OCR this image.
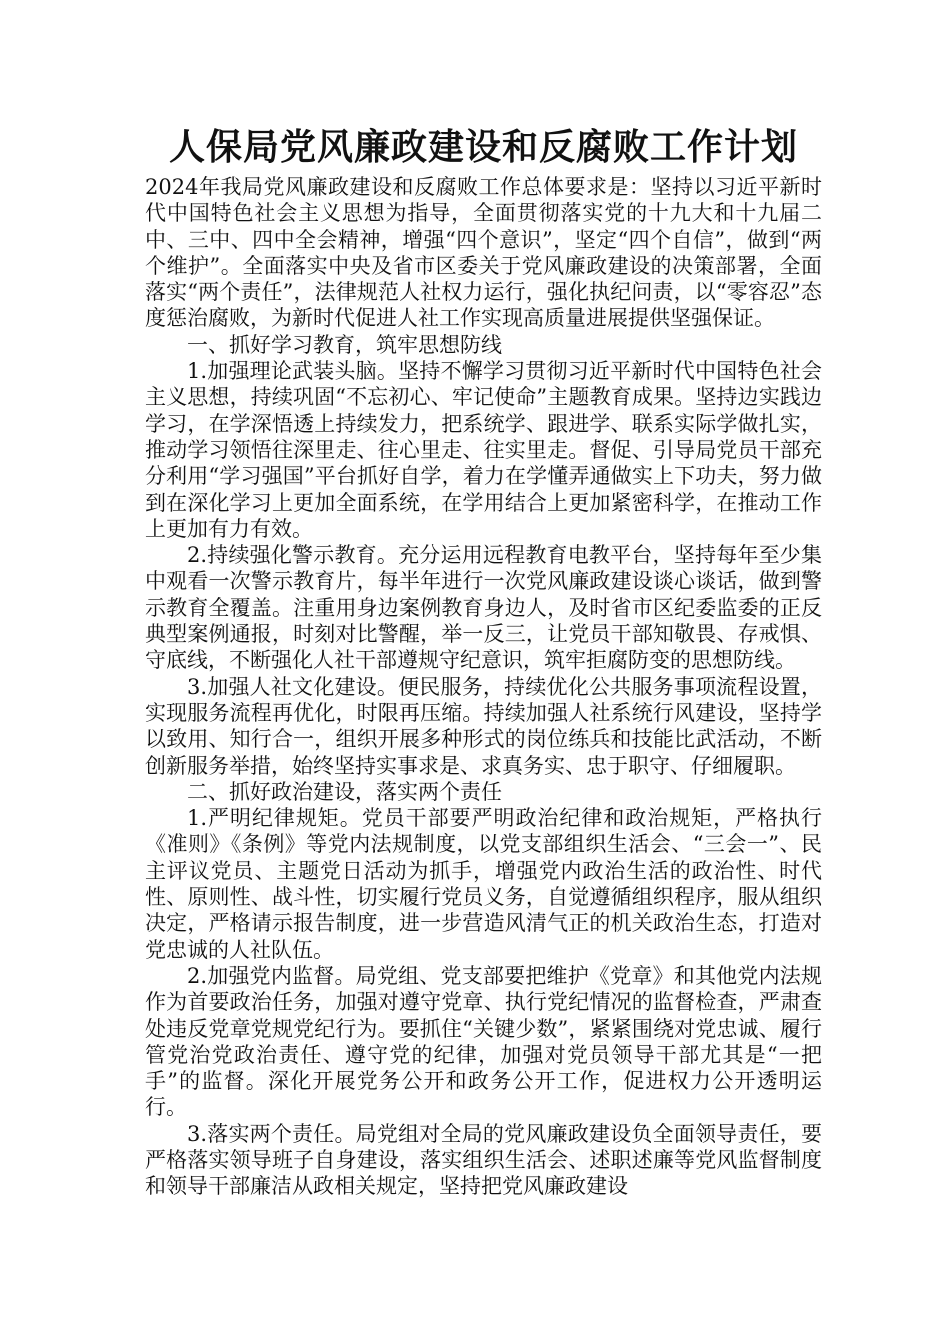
人保局党风廉政建设和反腐败工作计划

2024年我局党风廉政建设和反腐败工作总体要求是：坚持以习近平新时代中国特色社会主义思想为指导，全面贯彻落实党的十九大和十九届二中、三中、四中全会精神，增强“四个意识”，坚定“四个自信”，做到“两个维护”。全面落实中央及省市区委关于党风廉政建设的决策部署，全面落实“两个责任”，法律规范人社权力运行，强化执纪问责，以“零容忍”态度惩治腐败，为新时代促进人社工作实现高质量进展提供坚强保证。

一、抓好学习教育，筑牢思想防线

1.加强理论武装头脑。坚持不懈学习贯彻习近平新时代中国特色社会主义思想，持续巩固“不忘初心、牢记使命”主题教育成果。坚持边实践边学习，在学深悟透上持续发力，把系统学、跟进学、联系实际学做扎实，推动学习领悟往深里走、往心里走、往实里走。督促、引导局党员干部充分利用“学习强国”平台抓好自学，着力在学懂弄通做实上下功夫，努力做到在深化学习上更加全面系统，在学用结合上更加紧密科学，在推动工作上更加有力有效。

2.持续强化警示教育。充分运用远程教育电教平台，坚持每年至少集中观看一次警示教育片，每半年进行一次党风廉政建设谈心谈话，做到警示教育全覆盖。注重用身边案例教育身边人，及时省市区纪委监委的正反典型案例通报，时刻对比警醒，举一反三，让党员干部知敬畏、存戒惧、守底线，不断强化人社干部遵规守纪意识，筑牢拒腐防变的思想防线。

3.加强人社文化建设。便民服务，持续优化公共服务事项流程设置，实现服务流程再优化，时限再压缩。持续加强人社系统行风建设，坚持学以致用、知行合一，组织开展多种形式的岗位练兵和技能比武活动，不断创新服务举措，始终坚持实事求是、求真务实、忠于职守、仔细履职。

二、抓好政治建设，落实两个责任

1.严明纪律规矩。党员干部要严明政治纪律和政治规矩，严格执行《准则》《条例》等党内法规制度，以党支部组织生活会、“三会一”、民主评议党员、主题党日活动为抓手，增强党内政治生活的政治性、时代性、原则性、战斗性，切实履行党员义务，自觉遵循组织程序，服从组织决定，严格请示报告制度，进一步营造风清气正的机关政治生态，打造对党忠诚的人社队伍。

2.加强党内监督。局党组、党支部要把维护《党章》和其他党内法规作为首要政治任务，加强对遵守党章、执行党纪情况的监督检查，严肃查处违反党章党规党纪行为。要抓住“关键少数”，紧紧围绕对党忠诚、履行管党治党政治责任、遵守党的纪律，加强对党员领导干部尤其是“一把手”的监督。深化开展党务公开和政务公开工作，促进权力公开透明运行。

3.落实两个责任。局党组对全局的党风廉政建设负全面领导责任，要严格落实领导班子自身建设，落实组织生活会、述职述廉等党风监督制度和领导干部廉洁从政相关规定，坚持把党风廉政建设
